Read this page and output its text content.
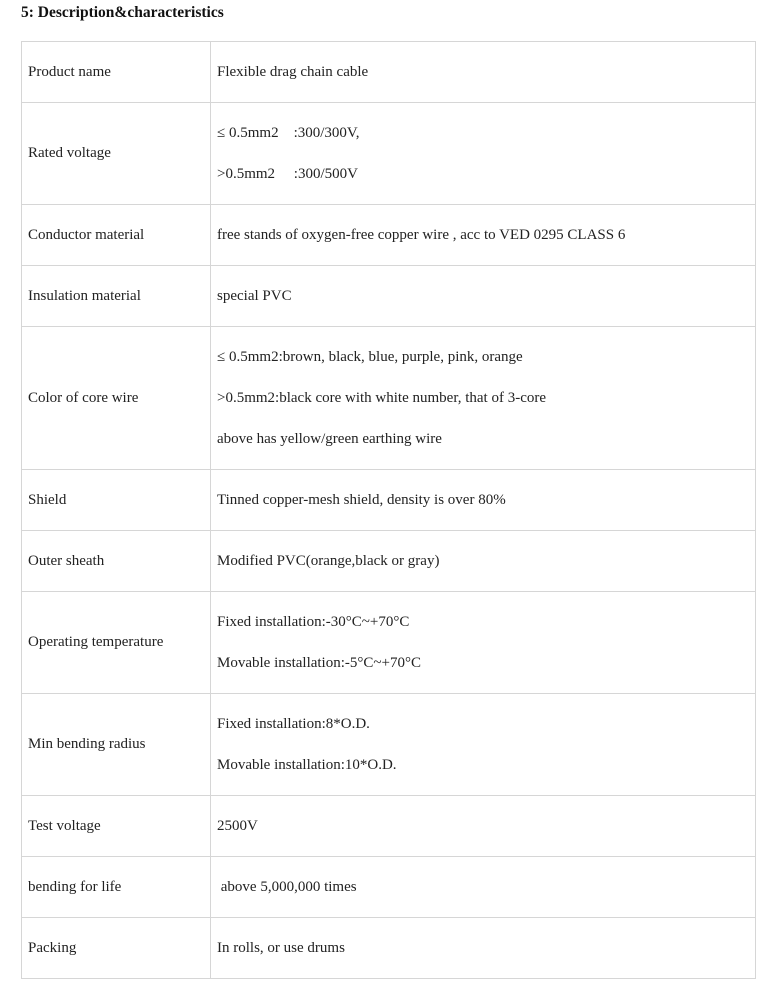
5: Description&characteristics
Product name	Flexible drag chain cable

Rated voltage	≤ 0.5mm2    :300/300V,
>0.5mm2     :300/500V

Conductor material	free stands of oxygen-free copper wire , acc to VED 0295 CLASS 6

Insulation material	special PVC

Color of core wire	≤ 0.5mm2:brown, black, blue, purple, pink, orange
>0.5mm2:black core with white number, that of 3-core
above has yellow/green earthing wire

Shield	Tinned copper-mesh shield, density is over 80%

Outer sheath	Modified PVC(orange,black or gray)

Operating temperature	Fixed installation:-30°C~+70°C
Movable installation:-5°C~+70°C

Min bending radius	Fixed installation:8*O.D.
Movable installation:10*O.D.

Test voltage	2500V

bending for life	above 5,000,000 times

Packing	In rolls, or use drums
